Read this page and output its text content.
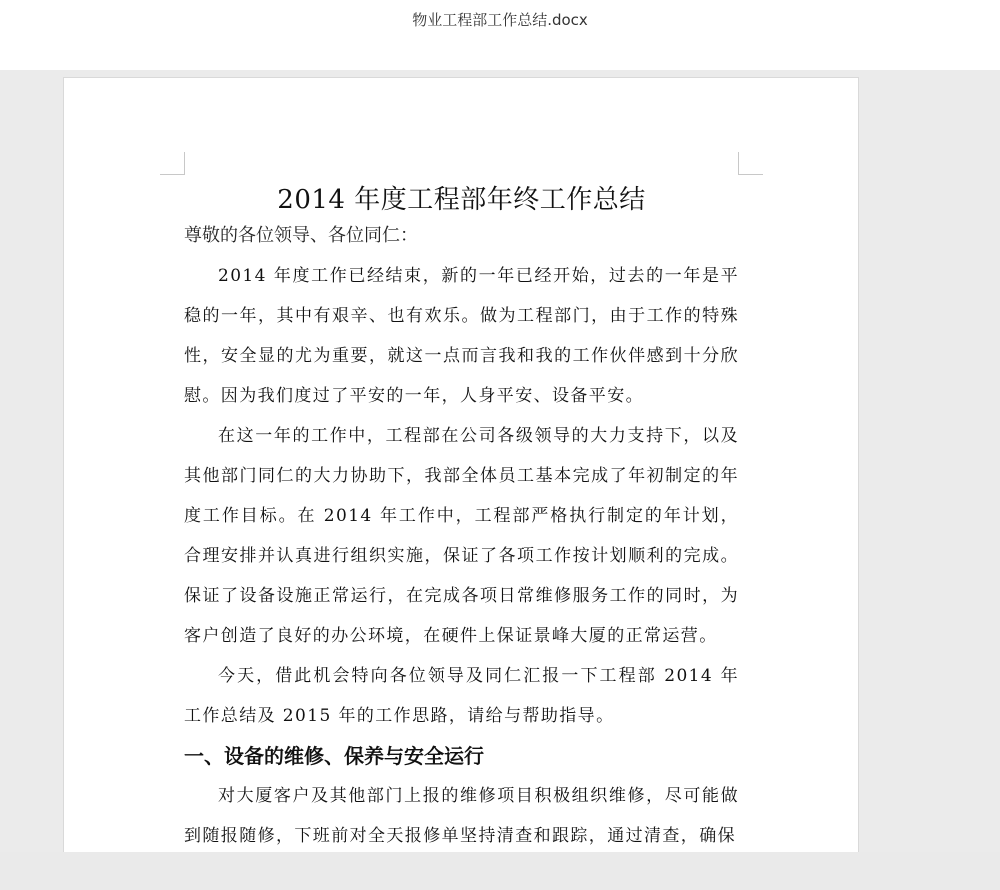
物业工程部工作总结.docx
2014 年度工程部年终工作总结

尊敬的各位领导、各位同仁：

2014 年度工作已经结束，新的一年已经开始，过去的一年是平稳的一年，其中有艰辛、也有欢乐。做为工程部门，由于工作的特殊性，安全显的尤为重要，就这一点而言我和我的工作伙伴感到十分欣慰。因为我们度过了平安的一年，人身平安、设备平安。

在这一年的工作中，工程部在公司各级领导的大力支持下，以及其他部门同仁的大力协助下，我部全体员工基本完成了年初制定的年度工作目标。在 2014 年工作中，工程部严格执行制定的年计划，合理安排并认真进行组织实施，保证了各项工作按计划顺利的完成。保证了设备设施正常运行，在完成各项日常维修服务工作的同时，为客户创造了良好的办公环境，在硬件上保证景峰大厦的正常运营。

今天，借此机会特向各位领导及同仁汇报一下工程部 2014 年工作总结及 2015 年的工作思路，请给与帮助指导。

一、设备的维修、保养与安全运行

对大厦客户及其他部门上报的维修项目积极组织维修，尽可能做到随报随修，下班前对全天报修单坚持清查和跟踪，通过清查，确保
